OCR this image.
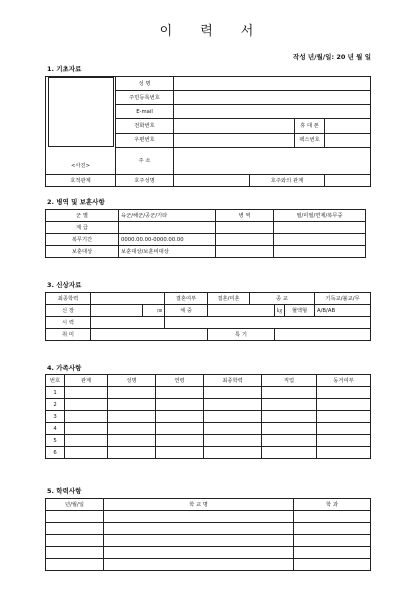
이 력 서
작성 년/월/일: 20 년 월 일
1. 기초자료
<사진>	성 명				
	주민등록번호				
	E-mail				
	전화번호			휴 대 폰	
	우편번호			팩스번호	
	주 소				
호적관계	호주성명		호주와의 관계		
2. 병역 및 보훈사항
군 별	육군/해군/공군/기타	병 역	필/미필/면제/복무중
계 급			
복무기간	0000.00.00-0000.00.00		
보훈대상	보훈대상/보훈비대상		
3. 신상자료
최종학력			결혼여부	결혼/미혼	종 교			기독교/불교/무
신 장		㎝	체 중			㎏	혈액형	A/B/AB
시 력								
취 미				특 기				
4. 가족사항
번호	관계	성명	연령	최종학력	직업	동거여부
1						
2						
3						
4						
5						
6						
5. 학력사항
년/월/일	학 교 명	학 과
